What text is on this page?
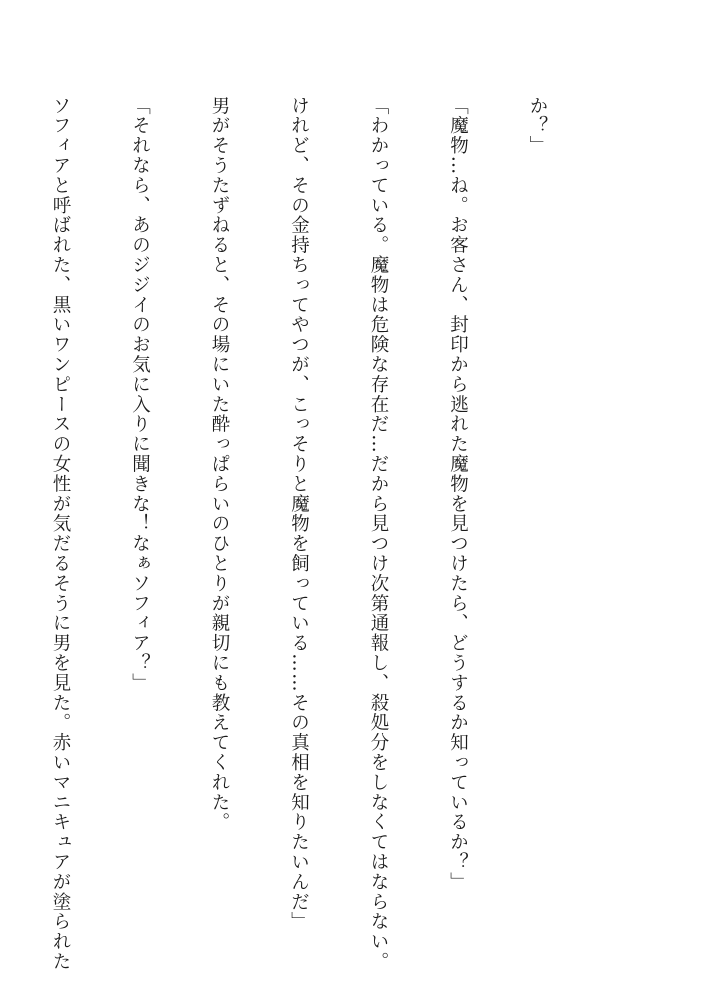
か？」

「魔物…ね。お客さん、封印から逃れた魔物を見つけたら、どうするか知っているか？」

「わかっている。魔物は危険な存在だ…だから見つけ次第通報し、殺処分をしなくてはならない。

けれど、その金持ちってやつが、こっそりと魔物を飼っている……その真相を知りたいんだ」

男がそうたずねると、その場にいた酔っぱらいのひとりが親切にも教えてくれた。

「それなら、あのジジイのお気に入りに聞きな！なぁソフィア？」

ソフィアと呼ばれた、黒いワンピースの女性が気だるそうに男を見た。赤いマニキュアが塗られた
